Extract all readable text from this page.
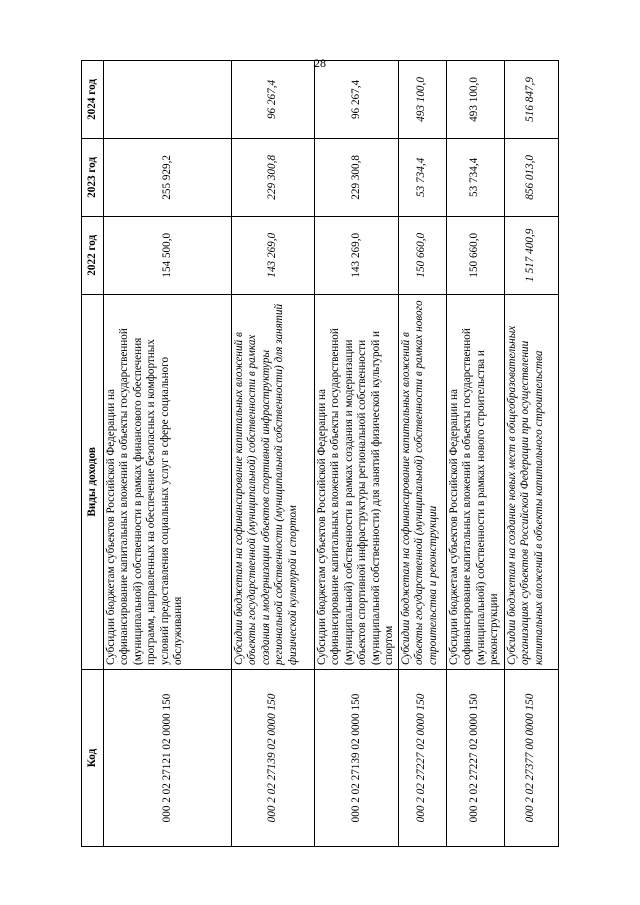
28
Код	Виды доходов	2022 год	2023 год	2024 год
000 2 02 27121 02 0000 150	Субсидии бюджетам субъектов Российской Федерации на софинансирование капитальных вложений в объекты государственной (муниципальной) собственности в рамках финансового обеспечения программ, направленных на обеспечение безопасных и комфортных условий предоставления социальных услуг в сфере социального обслуживания	154 500,0	255 929,2	
000 2 02 27139 02 0000 150	Субсидии бюджетам на софинансирование капитальных вложений в объекты государственной (муниципальной) собственности в рамках создания и модернизации объектов спортивной инфраструктуры региональной собственности (муниципальной собственности) для занятий физической культурой и спортом	143 269,0	229 300,8	96 267,4
000 2 02 27139 02 0000 150	Субсидии бюджетам субъектов Российской Федерации на софинансирование капитальных вложений в объекты государственной (муниципальной) собственности в рамках создания и модернизации объектов спортивной инфраструктуры региональной собственности (муниципальной собственности) для занятий физической культурой и спортом	143 269,0	229 300,8	96 267,4
000 2 02 27227 02 0000 150	Субсидии бюджетам на софинансирование капитальных вложений в объекты государственной (муниципальной) собственности в рамках нового строительства и реконструкции	150 660,0	53 734,4	493 100,0
000 2 02 27227 02 0000 150	Субсидии бюджетам субъектов Российской Федерации на софинансирование капитальных вложений в объекты государственной (муниципальной) собственности в рамках нового строительства и реконструкции	150 660,0	53 734,4	493 100,0
000 2 02 27377 00 0000 150	Субсидии бюджетам на создание новых мест в общеобразовательных организациях субъектов Российской Федерации при осуществлении капитальных вложений в объекты капитального строительства	1 517 400,9	856 013,0	516 847,9
